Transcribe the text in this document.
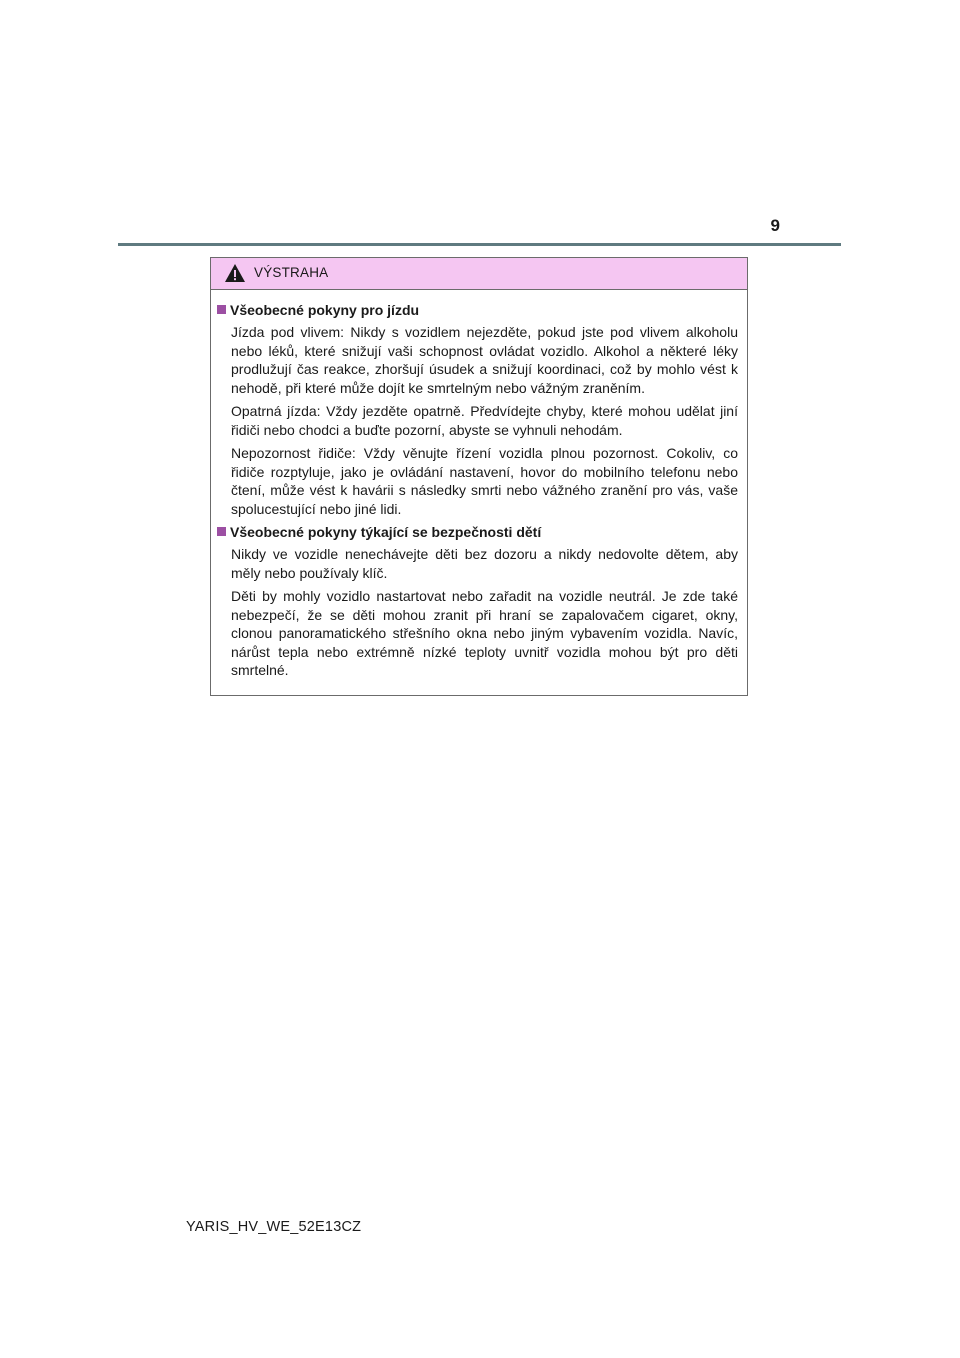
9
VÝSTRAHA
Všeobecné pokyny pro jízdu

Jízda pod vlivem: Nikdy s vozidlem nejezděte, pokud jste pod vlivem alkoholu nebo léků, které snižují vaši schopnost ovládat vozidlo. Alkohol a některé léky prodlužují čas reakce, zhoršují úsudek a snižují koordinaci, což by mohlo vést k nehodě, při které může dojít ke smrtelným nebo vážným zraněním.

Opatrná jízda: Vždy jezděte opatrně. Předvídejte chyby, které mohou udělat jiní řidiči nebo chodci a buďte pozorní, abyste se vyhnuli nehodám.

Nepozornost řidiče: Vždy věnujte řízení vozidla plnou pozornost. Cokoliv, co řidiče rozptyluje, jako je ovládání nastavení, hovor do mobilního telefonu nebo čtení, může vést k havárii s následky smrti nebo vážného zranění pro vás, vaše spolucestující nebo jiné lidi.

Všeobecné pokyny týkající se bezpečnosti dětí

Nikdy ve vozidle nenechávejte děti bez dozoru a nikdy nedovolte dětem, aby měly nebo používaly klíč.

Děti by mohly vozidlo nastartovat nebo zařadit na vozidle neutrál. Je zde také nebezpečí, že se děti mohou zranit při hraní se zapalovačem cigaret, okny, clonou panoramatického střešního okna nebo jiným vybavením vozidla. Navíc, nárůst tepla nebo extrémně nízké teploty uvnitř vozidla mohou být pro děti smrtelné.

YARIS_HV_WE_52E13CZ
